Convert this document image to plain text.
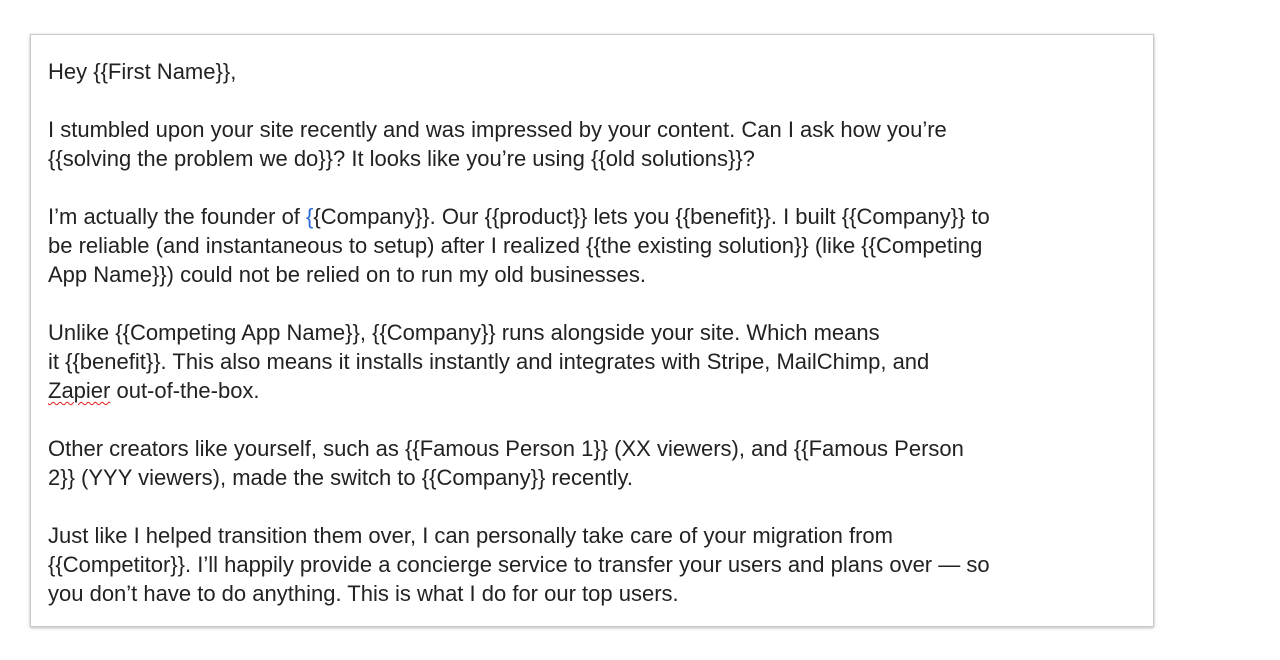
Hey {{First Name}},
I stumbled upon your site recently and was impressed by your content. Can I ask how you’re
{{solving the problem we do}}? It looks like you’re using {{old solutions}}?
I’m actually the founder of {{Company}}. Our {{product}} lets you {{benefit}}. I built {{Company}} to
be reliable (and instantaneous to setup) after I realized {{the existing solution}} (like {{Competing
App Name}}) could not be relied on to run my old businesses.
Unlike {{Competing App Name}}, {{Company}} runs alongside your site. Which means
it {{benefit}}. This also means it installs instantly and integrates with Stripe, MailChimp, and
Zapier out-of-the-box.
Other creators like yourself, such as {{Famous Person 1}} (XX viewers), and {{Famous Person
2}} (YYY viewers), made the switch to {{Company}} recently.
Just like I helped transition them over, I can personally take care of your migration from
{{Competitor}}. I’ll happily provide a concierge service to transfer your users and plans over — so
you don’t have to do anything. This is what I do for our top users.
